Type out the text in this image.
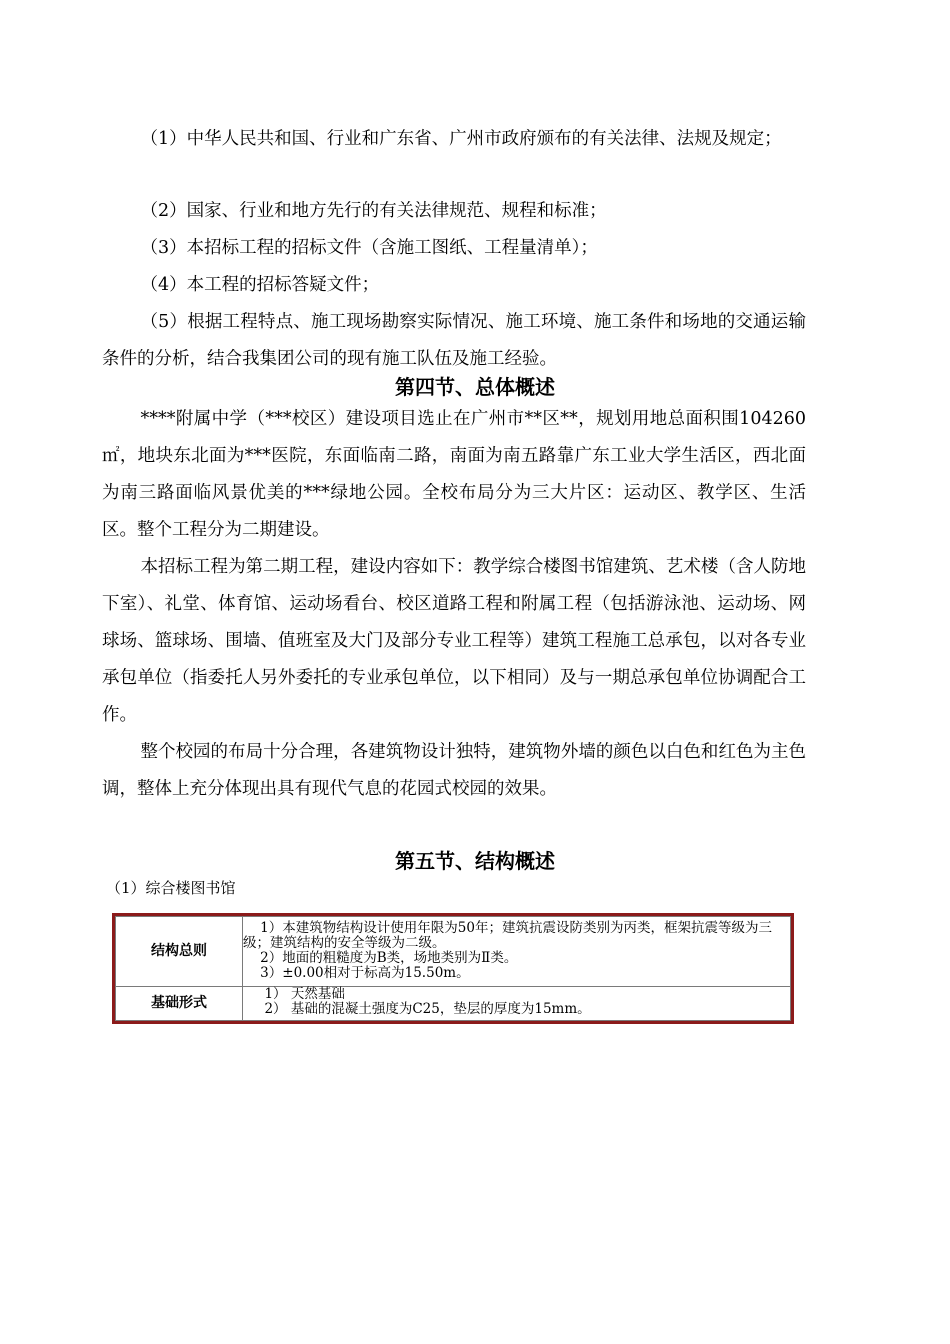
（1）中华人民共和国、行业和广东省、广州市政府颁布的有关法律、法规及规定；

（2）国家、行业和地方先行的有关法律规范、规程和标准；

（3）本招标工程的招标文件（含施工图纸、工程量清单）；

（4）本工程的招标答疑文件；

（5）根据工程特点、施工现场勘察实际情况、施工环境、施工条件和场地的交通运输条件的分析，结合我集团公司的现有施工队伍及施工经验。

第四节、总体概述

****附属中学（***校区）建设项目选止在广州市**区**，规划用地总面积围104260㎡，地块东北面为***医院，东面临南二路，南面为南五路靠广东工业大学生活区，西北面为南三路面临风景优美的***绿地公园。全校布局分为三大片区：运动区、教学区、生活区。整个工程分为二期建设。

本招标工程为第二期工程，建设内容如下：教学综合楼图书馆建筑、艺术楼（含人防地下室）、礼堂、体育馆、运动场看台、校区道路工程和附属工程（包括游泳池、运动场、网球场、篮球场、围墙、值班室及大门及部分专业工程等）建筑工程施工总承包，以对各专业承包单位（指委托人另外委托的专业承包单位，以下相同）及与一期总承包单位协调配合工作。

整个校园的布局十分合理，各建筑物设计独特，建筑物外墙的颜色以白色和红色为主色调，整体上充分体现出具有现代气息的花园式校园的效果。

第五节、结构概述

（1）综合楼图书馆

结构总则	1）本建筑物结构设计使用年限为50年；建筑抗震设防类别为丙类，框架抗震等级为三级；建筑结构的安全等级为二级。
2）地面的粗糙度为B类，场地类别为Ⅱ类。
3）±0.00相对于标高为15.50m。

基础形式	1） 天然基础
2） 基础的混凝土强度为C25，垫层的厚度为15mm。
